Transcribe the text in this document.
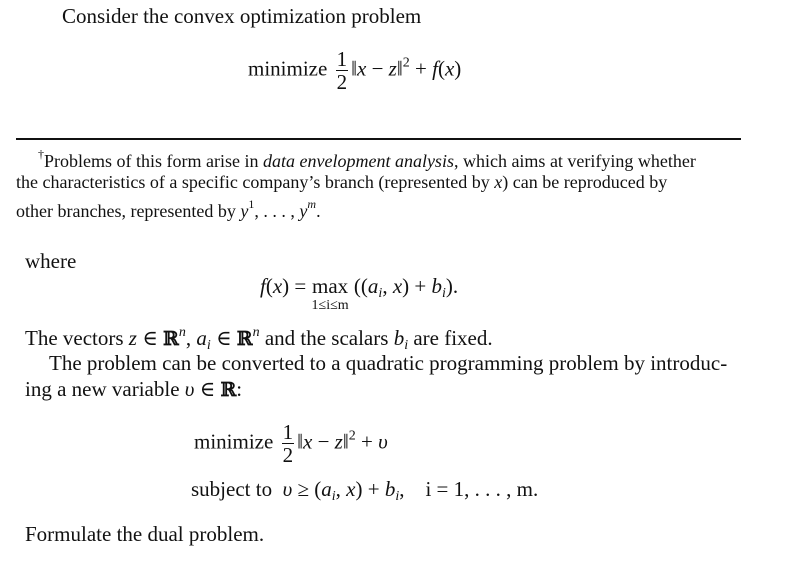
Consider the convex optimization problem
minimize $\frac{1}{2}$ ‖x − z‖$^2$ + f(x)
†Problems of this form arise in data envelopment analysis, which aims at verifying whether
the characteristics of a specific company’s branch (represented by x) can be reproduced by
other branches, represented by $y^1$, . . . , $y^m$.
where
f(x) = max
1≤i≤m
(($a_i$, $x) + b_i$).
The vectors z ∈ ℝ$^n$, $a_i$ ∈ ℝ$^n$ and the scalars $b_i$ are fixed.
The problem can be converted to a quadratic programming problem by introduc-
ing a new variable υ ∈ ℝ:
minimize $\frac{1}{2}$ ‖x − z‖$^2$ + υ
subject to $\upsilon \ge (a_i$, $x) + b_i$,    i = 1, . . . , m.
Formulate the dual problem.
